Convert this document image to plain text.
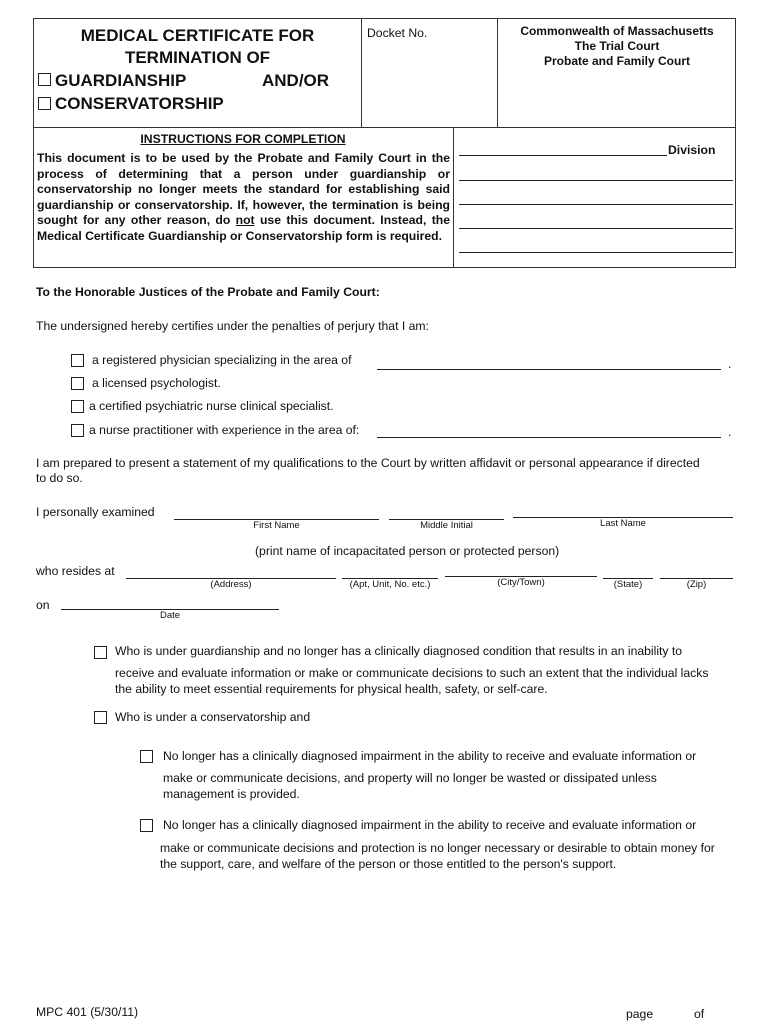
MEDICAL CERTIFICATE FOR
TERMINATION OF
GUARDIANSHIP	AND/OR
CONSERVATORSHIP
Docket No.	Commonwealth of Massachusetts
The Trial Court
Probate and Family Court
INSTRUCTIONS FOR COMPLETION
This document is to be used by the Probate and Family Court in the process of determining that a person under guardianship or conservatorship no longer meets the standard for establishing said guardianship or conservatorship. If, however, the termination is being sought for any other reason, do not use this document. Instead, the Medical Certificate Guardianship or Conservatorship form is required.
Division
To the Honorable Justices of the Probate and Family Court:
The undersigned hereby certifies under the penalties of perjury that I am:
a registered physician specializing in the area of	.
a licensed psychologist.
a certified psychiatric nurse clinical specialist.
a nurse practitioner with experience in the area of:	.
I am prepared to present a statement of my qualifications to the Court by written affidavit or personal appearance if directed
to do so.
I personally examined
First Name	Middle Initial	Last Name
(print name of incapacitated person or protected person)
who resides at
(Address)	(Apt, Unit, No. etc.)	(City/Town)	(State)	(Zip)
on
Date
Who is under guardianship and no longer has a clinically diagnosed condition that results in an inability to
receive and evaluate information or make or communicate decisions to such an extent that the individual lacks
the ability to meet essential requirements for physical health, safety, or self-care.
Who is under a conservatorship and
No longer has a clinically diagnosed impairment in the ability to receive and evaluate information or
make or communicate decisions, and property will no longer be wasted or dissipated unless
management is provided.
No longer has a clinically diagnosed impairment in the ability to receive and evaluate information or
make or communicate decisions and protection is no longer necessary or desirable to obtain money for
the support, care, and welfare of the person or those entitled to the person's support.
MPC 401 (5/30/11)	page	of
